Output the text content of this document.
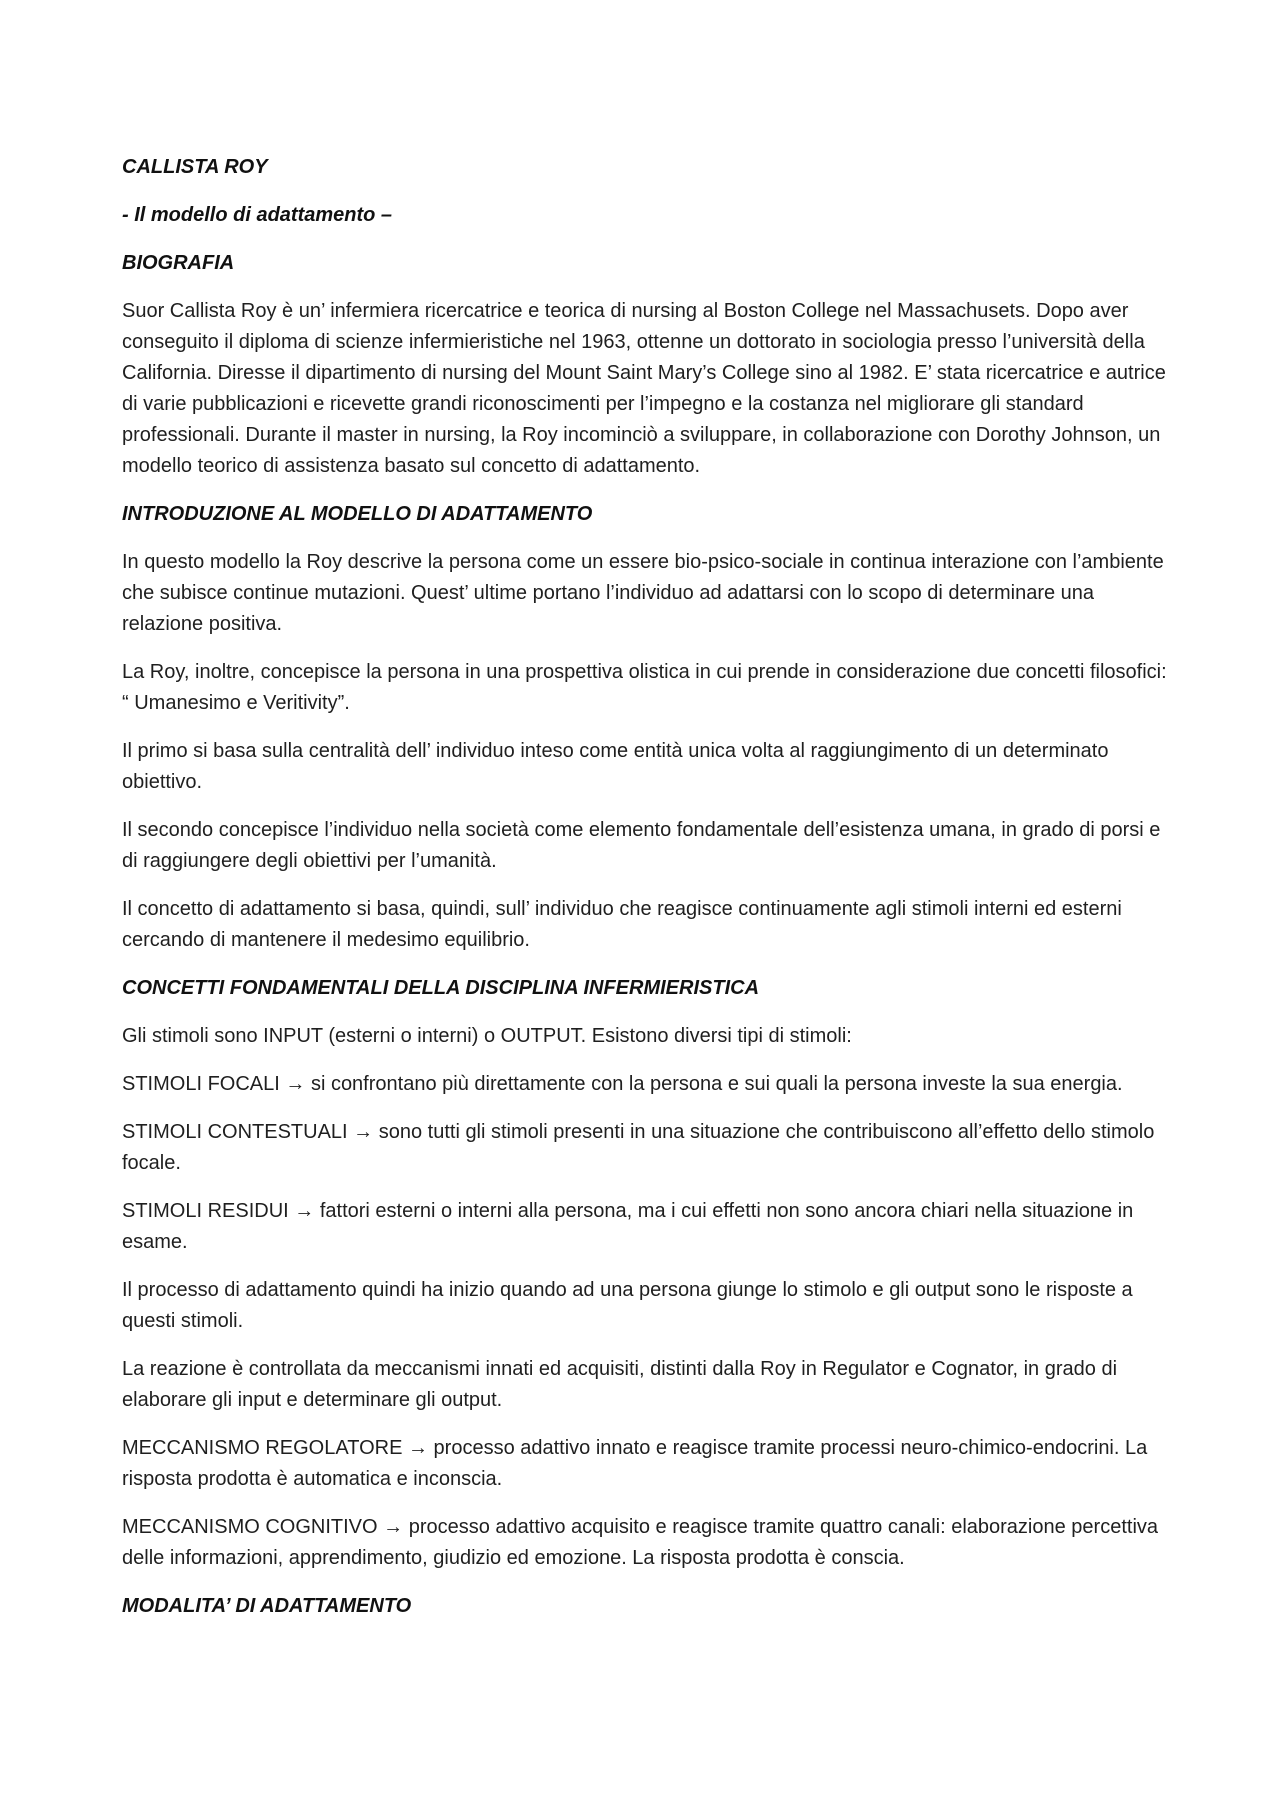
CALLISTA ROY
- Il modello di adattamento –
BIOGRAFIA

Suor Callista Roy è un’ infermiera ricercatrice e teorica di nursing al Boston College nel Massachusets. Dopo aver conseguito il diploma di scienze infermieristiche nel 1963, ottenne un dottorato in sociologia presso l’università della California. Diresse il dipartimento di nursing del Mount Saint Mary’s College sino al 1982. E’ stata ricercatrice e autrice di varie pubblicazioni e ricevette grandi riconoscimenti per l’impegno e la costanza nel migliorare gli standard professionali. Durante il master in nursing, la Roy incominciò a sviluppare, in collaborazione con Dorothy Johnson, un modello teorico di assistenza basato sul concetto di adattamento.

INTRODUZIONE AL MODELLO DI ADATTAMENTO

In questo modello la Roy descrive la persona come un essere bio-psico-sociale in continua interazione con l’ambiente che subisce continue mutazioni. Quest’ ultime portano l’individuo ad adattarsi con lo scopo di determinare una relazione positiva.

La Roy, inoltre, concepisce la persona in una prospettiva olistica in cui prende in considerazione due concetti filosofici: “ Umanesimo e Veritivity”.

Il primo si basa sulla centralità dell’ individuo inteso come entità unica volta al raggiungimento di un determinato obiettivo.

Il secondo concepisce l’individuo nella società come elemento fondamentale dell’esistenza umana, in grado di porsi e di raggiungere degli obiettivi per l’umanità.

Il concetto di adattamento si basa, quindi, sull’ individuo che reagisce continuamente agli stimoli interni ed esterni cercando di mantenere il medesimo equilibrio.

CONCETTI FONDAMENTALI DELLA DISCIPLINA INFERMIERISTICA

Gli stimoli sono INPUT (esterni o interni) o OUTPUT. Esistono diversi tipi di stimoli:

STIMOLI FOCALI → si confrontano più direttamente con la persona e sui quali la persona investe la sua energia.

STIMOLI CONTESTUALI → sono tutti gli stimoli presenti in una situazione che contribuiscono all’effetto dello stimolo focale.

STIMOLI RESIDUI → fattori esterni o interni alla persona, ma i cui effetti non sono ancora chiari nella situazione in esame.

Il processo di adattamento quindi ha inizio quando ad una persona giunge lo stimolo e gli output sono le risposte a questi stimoli.

La reazione è controllata da meccanismi innati ed acquisiti, distinti dalla Roy in Regulator e Cognator, in grado di elaborare gli input e determinare gli output.

MECCANISMO REGOLATORE → processo adattivo innato e reagisce tramite processi neuro-chimico-endocrini. La risposta prodotta è automatica e inconscia.

MECCANISMO COGNITIVO → processo adattivo acquisito e reagisce tramite quattro canali: elaborazione percettiva delle informazioni, apprendimento, giudizio ed emozione. La risposta prodotta è conscia.

MODALITA’ DI ADATTAMENTO
